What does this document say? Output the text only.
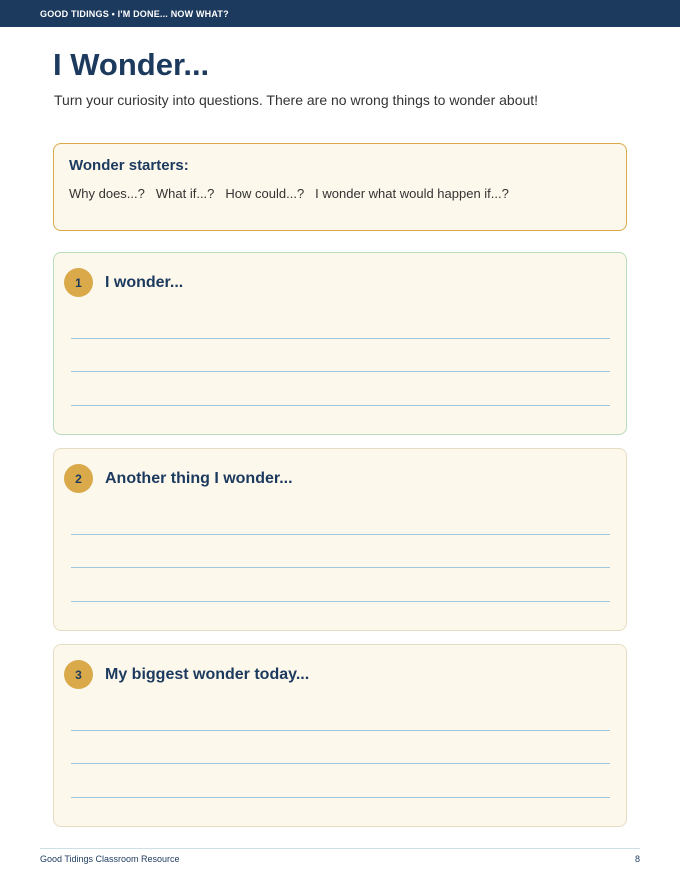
GOOD TIDINGS • I'M DONE... NOW WHAT?
I Wonder...

Turn your curiosity into questions. There are no wrong things to wonder about!

Wonder starters:
Why does...? What if...? How could...? I wonder what would happen if...?
1	I wonder...
2	Another thing I wonder...
3	My biggest wonder today...
Good Tidings Classroom Resource	8
